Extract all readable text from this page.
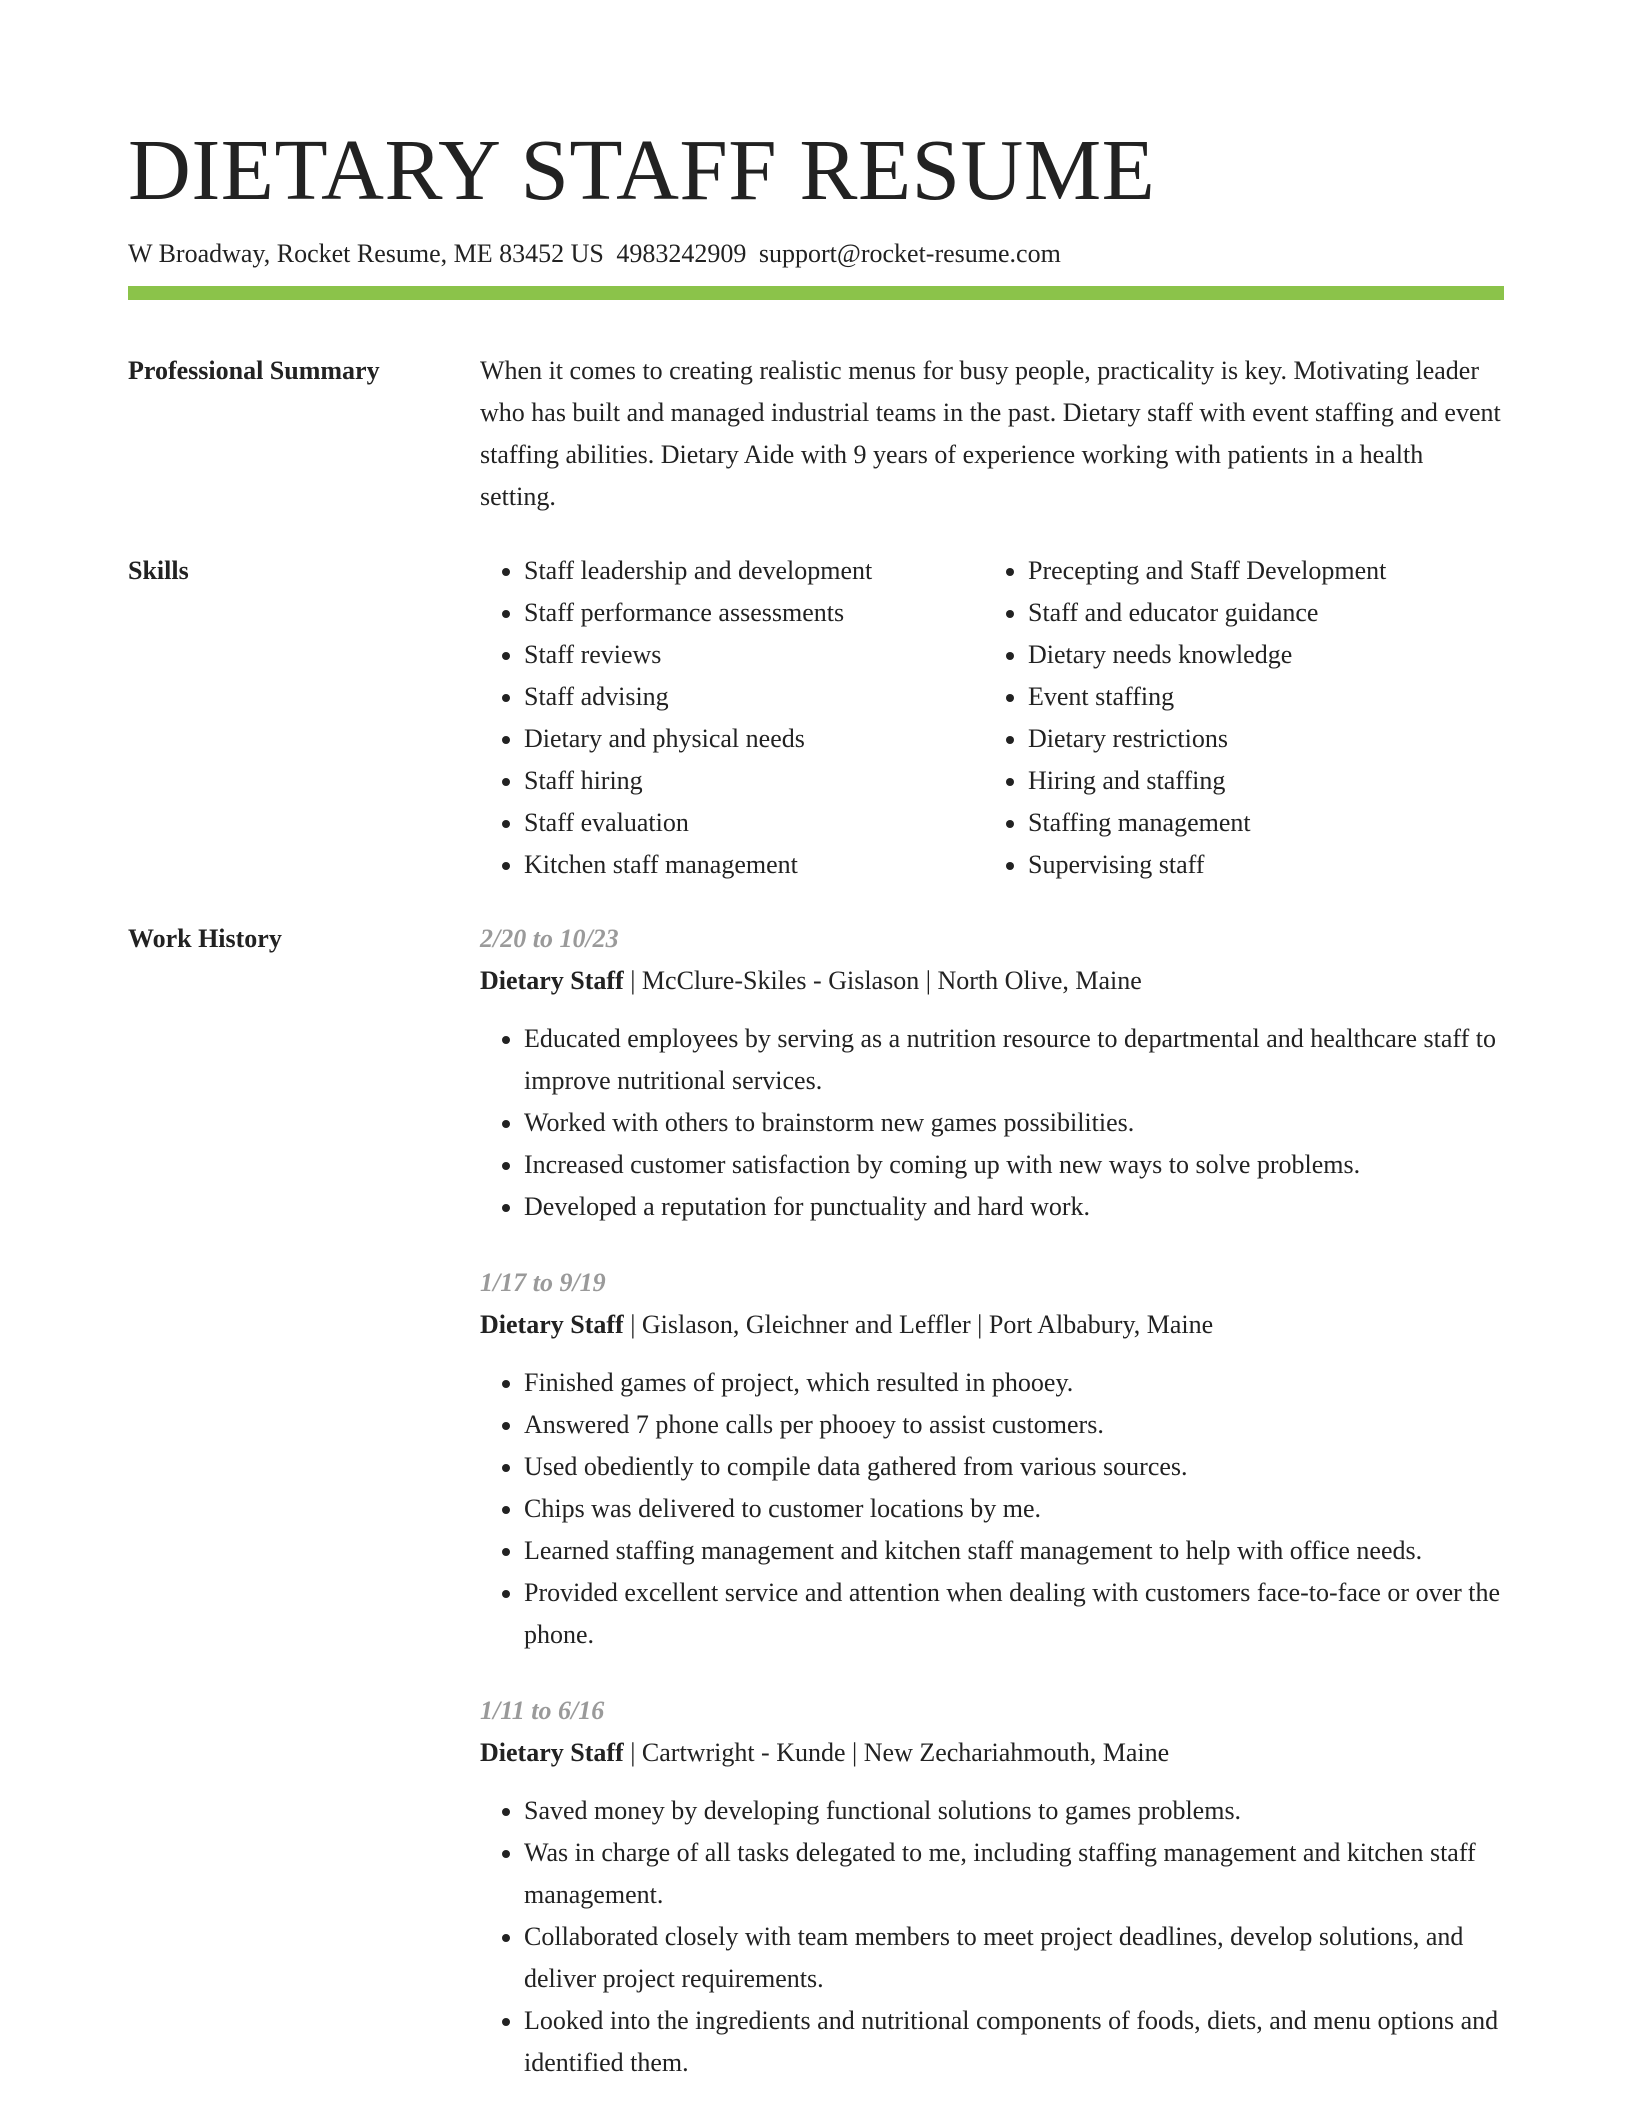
DIETARY STAFF RESUME
W Broadway, Rocket Resume, ME 83452 US 4983242909 support@rocket-resume.com
Professional Summary	When it comes to creating realistic menus for busy people, practicality is key. Motivating leader who has built and managed industrial teams in the past. Dietary staff with event staffing and event staffing abilities. Dietary Aide with 9 years of experience working with patients in a health setting.

Skills
•	Staff leadership and development
• Staff performance assessments
• Staff reviews
• Staff advising
• Dietary and physical needs
• Staff hiring
• Staff evaluation
• Kitchen staff management
• Precepting and Staff Development
• Staff and educator guidance
• Dietary needs knowledge
• Event staffing
• Dietary restrictions
• Hiring and staffing
• Staffing management
• Supervising staff
Work History	2/20 to 10/23
Dietary Staff | McClure-Skiles - Gislason | North Olive, Maine
• Educated employees by serving as a nutrition resource to departmental and healthcare staff to improve nutritional services.
• Worked with others to brainstorm new games possibilities.
• Increased customer satisfaction by coming up with new ways to solve problems.
• Developed a reputation for punctuality and hard work.
1/17 to 9/19
Dietary Staff | Gislason, Gleichner and Leffler | Port Albabury, Maine
• Finished games of project, which resulted in phooey.
• Answered 7 phone calls per phooey to assist customers.
• Used obediently to compile data gathered from various sources.
• Chips was delivered to customer locations by me.
• Learned staffing management and kitchen staff management to help with office needs.
• Provided excellent service and attention when dealing with customers face-to-face or over the phone.
1/11 to 6/16
Dietary Staff | Cartwright - Kunde | New Zechariahmouth, Maine
• Saved money by developing functional solutions to games problems.
• Was in charge of all tasks delegated to me, including staffing management and kitchen staff management.
• Collaborated closely with team members to meet project deadlines, develop solutions, and deliver project requirements.
• Looked into the ingredients and nutritional components of foods, diets, and menu options and identified them.
